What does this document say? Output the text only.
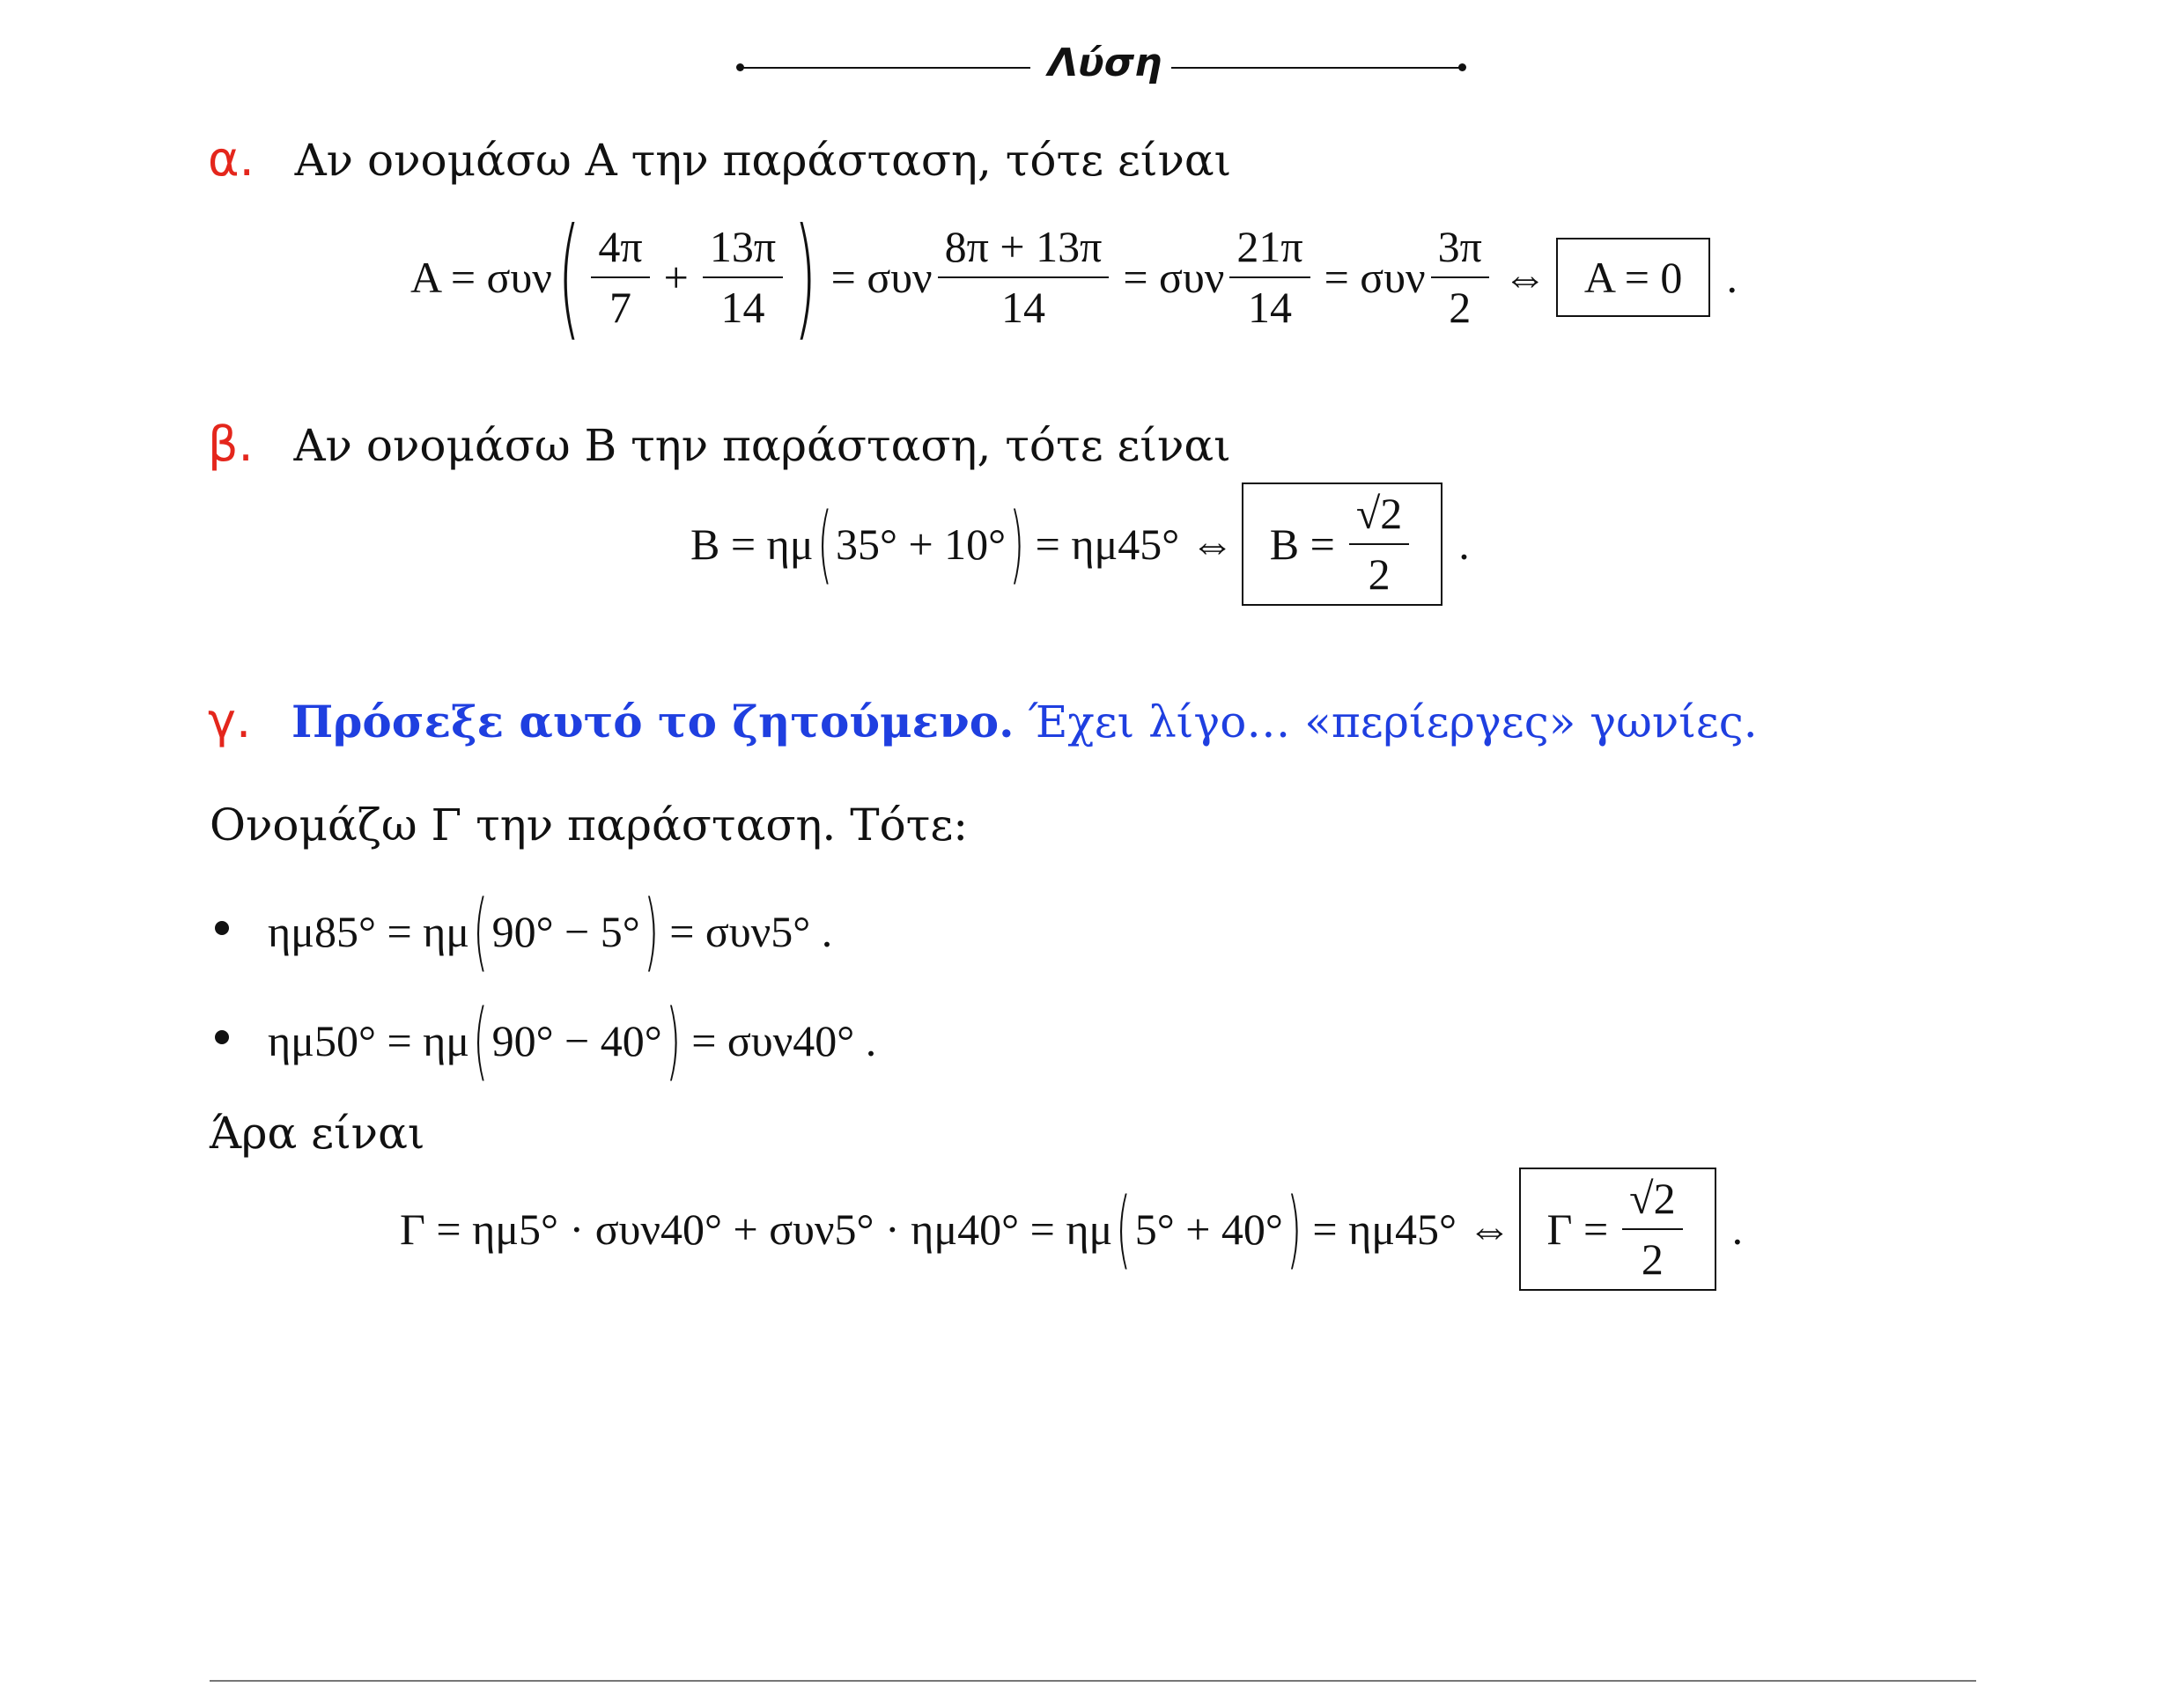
Λύση
α. Αν ονομάσω Α την παράσταση, τότε είναι
Α = συν ( $\frac{4\pi}{7} + \frac{13\pi}{14}$ ) = συν $\frac{8\pi + 13\pi}{14} = \sigma\upsilon\nu \frac{21\pi}{14} = \sigma\upsilon\nu \frac{3\pi}{2}$ ⇔ Α = 0 .
β. Αν ονομάσω Β την παράσταση, τότε είναι
Β = ημ ( 35° + 10° ) = ημ45° ⇔ $B = \frac{√2}{2}$ .
γ. Πρόσεξε αυτό το ζητούμενο. Έχει λίγο… «περίεργες» γωνίες.
Ονομάζω Γ την παράσταση. Τότε:
ημ85° = ημ ( 90° − 5° ) = συν5° .
ημ50° = ημ ( 90° − 40° ) = συν40° .
Άρα είναι
Γ = ημ5° · συν40° + συν5° · ημ40° = ημ ( 5° + 40° ) = ημ45° ⇔ $\Gamma = \frac{√2}{2}$ .
